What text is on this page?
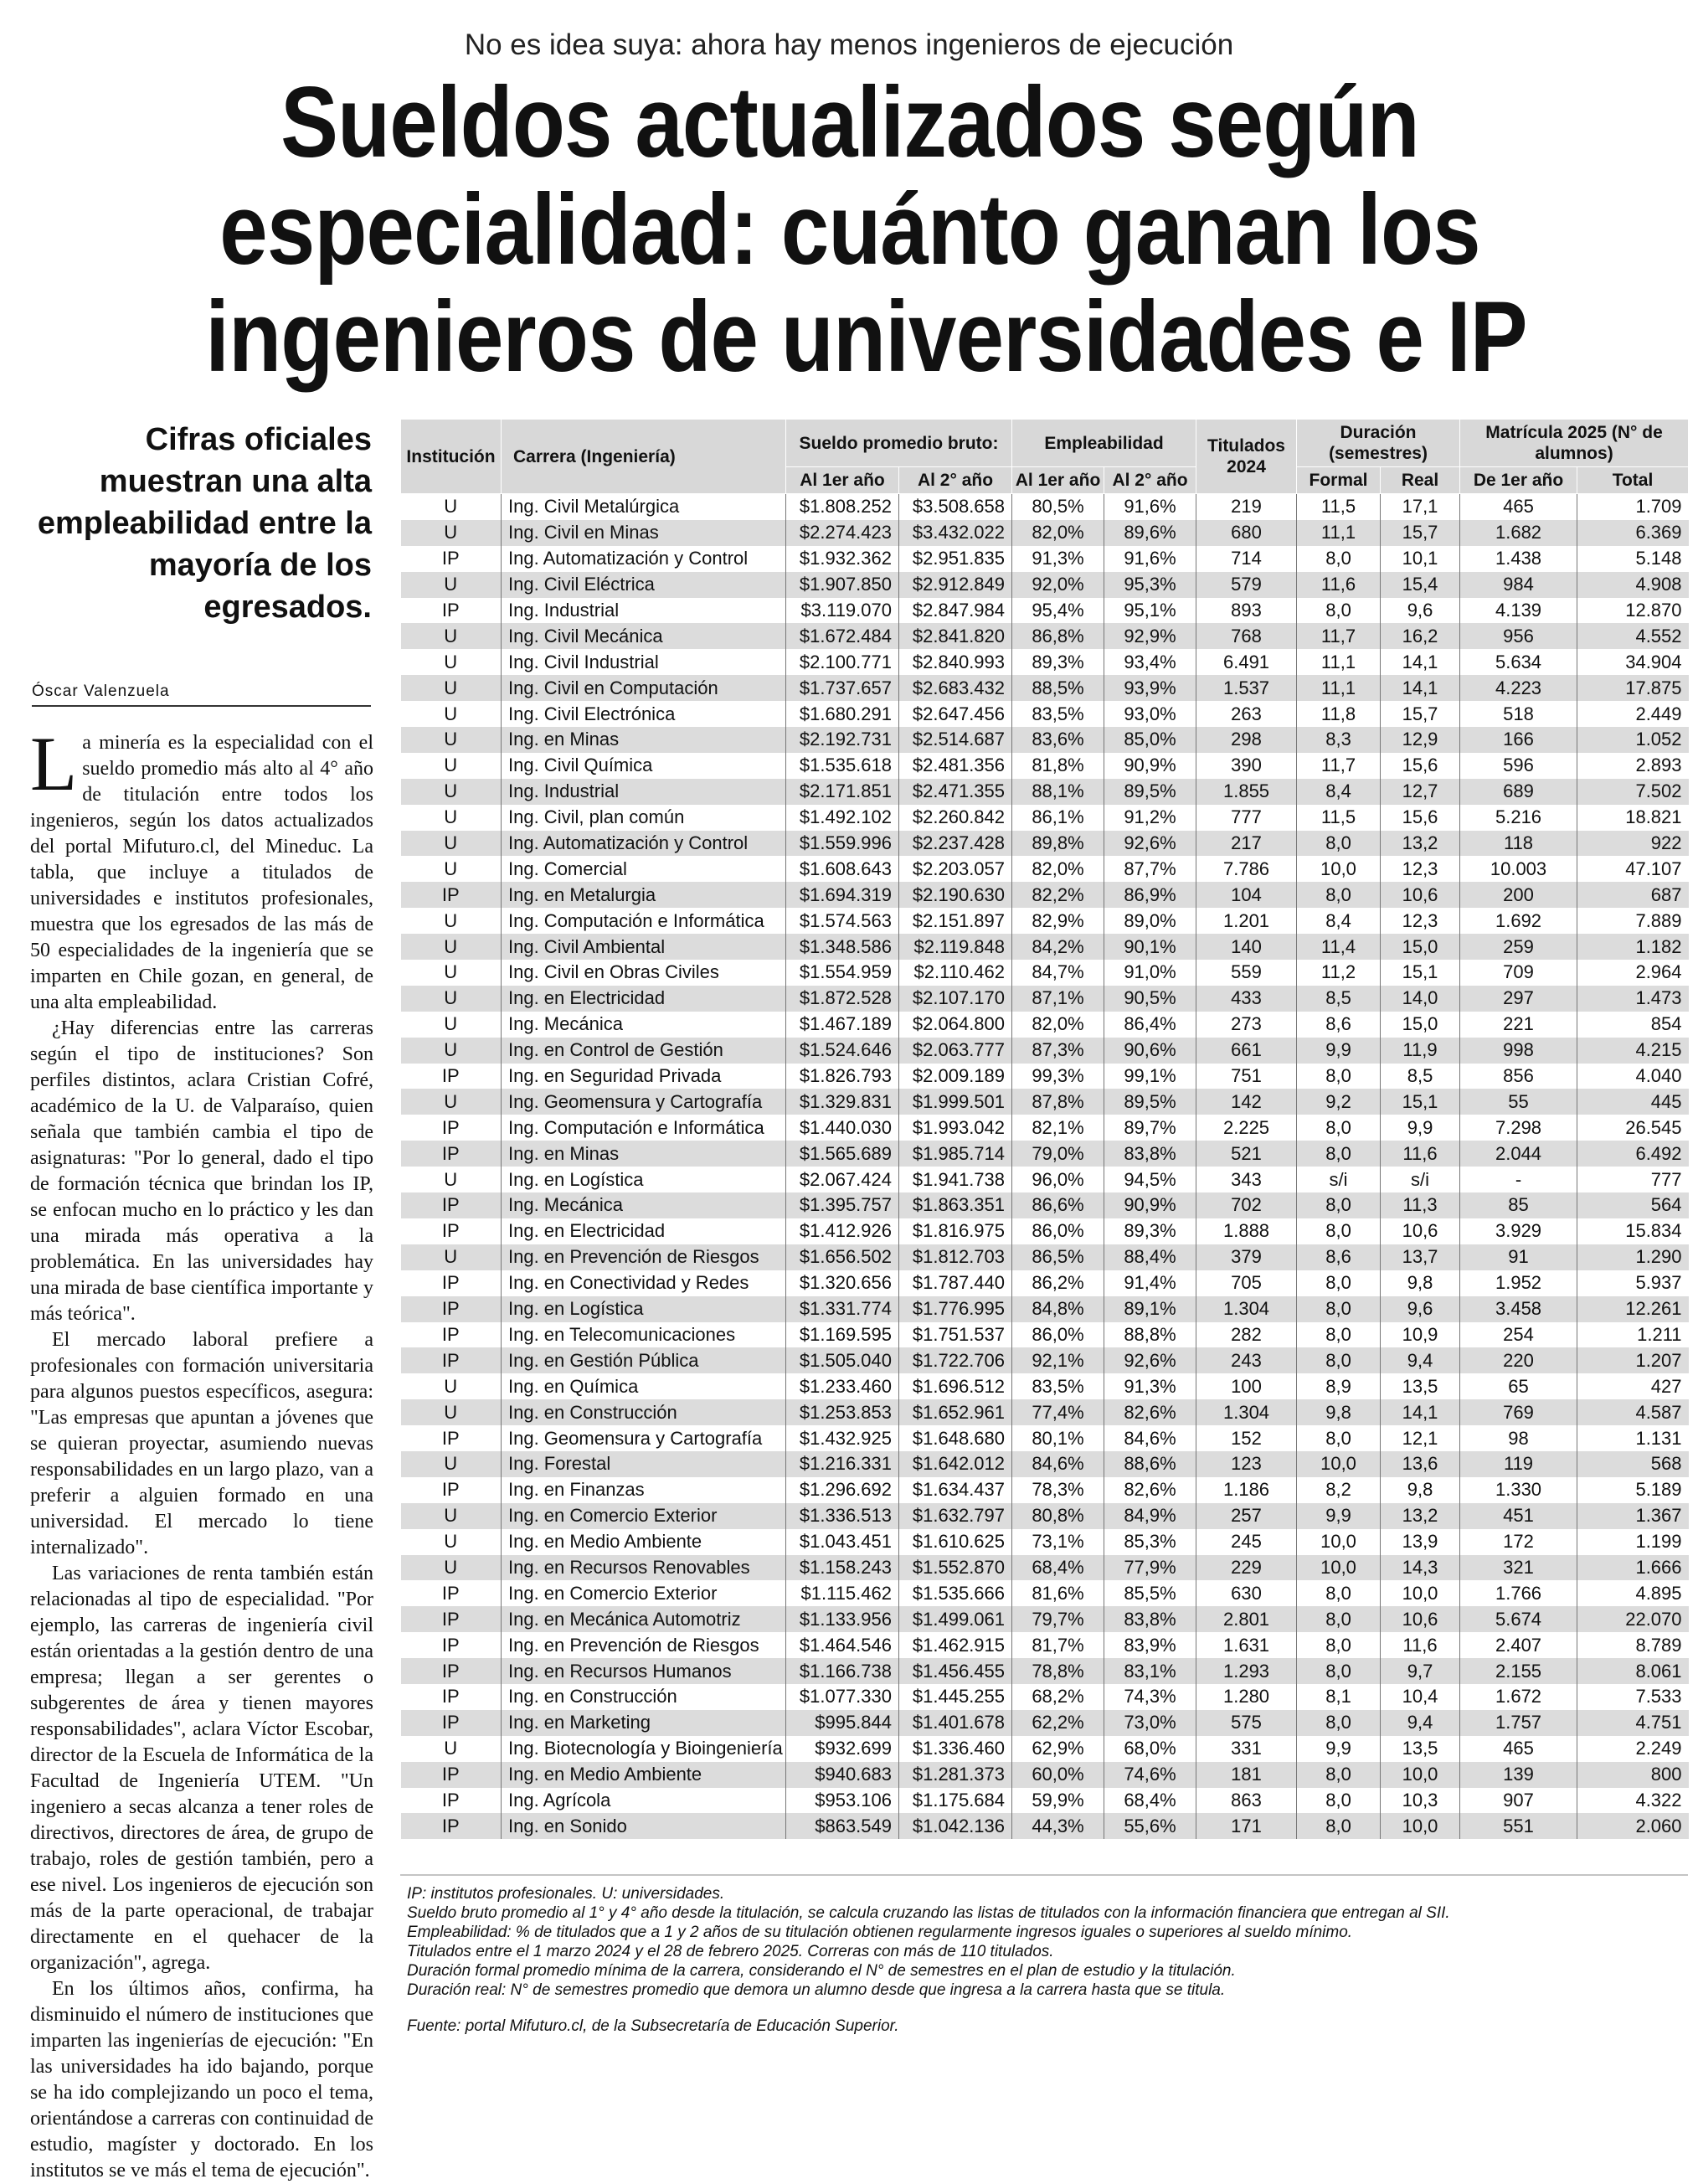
No es idea suya: ahora hay menos ingenieros de ejecución
Sueldos actualizados según
especialidad: cuánto ganan los
ingenieros de universidades e IP
Cifras oficiales muestran una alta empleabilidad entre la mayoría de los egresados.
Óscar Valenzuela

La minería es la especialidad con el sueldo promedio más alto al 4° año de titulación entre todos los ingenieros, según los datos actualizados del portal Mifuturo.cl, del Mineduc. La tabla, que incluye a titulados de universidades e institutos profesionales, muestra que los egresados de las más de 50 especialidades de la ingeniería que se imparten en Chile gozan, en general, de una alta empleabilidad.

¿Hay diferencias entre las carreras según el tipo de instituciones? Son perfiles distintos, aclara Cristian Cofré, académico de la U. de Valparaíso, quien señala que también cambia el tipo de asignaturas: "Por lo general, dado el tipo de formación técnica que brindan los IP, se enfocan mucho en lo práctico y les dan una mirada más operativa a la problemática. En las universidades hay una mirada de base científica importante y más teórica".

El mercado laboral prefiere a profesionales con formación universitaria para algunos puestos específicos, asegura: "Las empresas que apuntan a jóvenes que se quieran proyectar, asumiendo nuevas responsabilidades en un largo plazo, van a preferir a alguien formado en una universidad. El mercado lo tiene internalizado".

Las variaciones de renta también están relacionadas al tipo de especialidad. "Por ejemplo, las carreras de ingeniería civil están orientadas a la gestión dentro de una empresa; llegan a ser gerentes o subgerentes de área y tienen mayores responsabilidades", aclara Víctor Escobar, director de la Escuela de Informática de la Facultad de Ingeniería UTEM. "Un ingeniero a secas alcanza a tener roles de directivos, directores de área, de grupo de trabajo, roles de gestión también, pero a ese nivel. Los ingenieros de ejecución son más de la parte operacional, de trabajar directamente en el quehacer de la organización", agrega.

En los últimos años, confirma, ha disminuido el número de instituciones que imparten las ingenierías de ejecución: "En las universidades ha ido bajando, porque se ha ido complejizando un poco el tema, orientándose a carreras con continuidad de estudio, magíster y doctorado. En los institutos se ve más el tema de ejecución".

Institución	Carrera (Ingeniería)	Sueldo promedio bruto:		Empleabilidad		Titulados 2024	Duración (semestres)		Matrícula 2025 (N° de alumnos)	
		Al 1er año	Al 2° año	Al 1er año	Al 2° año		Formal	Real	De 1er año	Total
U	Ing. Civil Metalúrgica	$1.808.252	$3.508.658	80,5%	91,6%	219	11,5	17,1	465	1.709
U	Ing. Civil en Minas	$2.274.423	$3.432.022	82,0%	89,6%	680	11,1	15,7	1.682	6.369
IP	Ing. Automatización y Control	$1.932.362	$2.951.835	91,3%	91,6%	714	8,0	10,1	1.438	5.148
U	Ing. Civil Eléctrica	$1.907.850	$2.912.849	92,0%	95,3%	579	11,6	15,4	984	4.908
IP	Ing. Industrial	$3.119.070	$2.847.984	95,4%	95,1%	893	8,0	9,6	4.139	12.870
U	Ing. Civil Mecánica	$1.672.484	$2.841.820	86,8%	92,9%	768	11,7	16,2	956	4.552
U	Ing. Civil Industrial	$2.100.771	$2.840.993	89,3%	93,4%	6.491	11,1	14,1	5.634	34.904
U	Ing. Civil en Computación	$1.737.657	$2.683.432	88,5%	93,9%	1.537	11,1	14,1	4.223	17.875
U	Ing. Civil Electrónica	$1.680.291	$2.647.456	83,5%	93,0%	263	11,8	15,7	518	2.449
U	Ing. en Minas	$2.192.731	$2.514.687	83,6%	85,0%	298	8,3	12,9	166	1.052
U	Ing. Civil Química	$1.535.618	$2.481.356	81,8%	90,9%	390	11,7	15,6	596	2.893
U	Ing. Industrial	$2.171.851	$2.471.355	88,1%	89,5%	1.855	8,4	12,7	689	7.502
U	Ing. Civil, plan común	$1.492.102	$2.260.842	86,1%	91,2%	777	11,5	15,6	5.216	18.821
U	Ing. Automatización y Control	$1.559.996	$2.237.428	89,8%	92,6%	217	8,0	13,2	118	922
U	Ing. Comercial	$1.608.643	$2.203.057	82,0%	87,7%	7.786	10,0	12,3	10.003	47.107
IP	Ing. en Metalurgia	$1.694.319	$2.190.630	82,2%	86,9%	104	8,0	10,6	200	687
U	Ing. Computación e Informática	$1.574.563	$2.151.897	82,9%	89,0%	1.201	8,4	12,3	1.692	7.889
U	Ing. Civil Ambiental	$1.348.586	$2.119.848	84,2%	90,1%	140	11,4	15,0	259	1.182
U	Ing. Civil en Obras Civiles	$1.554.959	$2.110.462	84,7%	91,0%	559	11,2	15,1	709	2.964
U	Ing. en Electricidad	$1.872.528	$2.107.170	87,1%	90,5%	433	8,5	14,0	297	1.473
U	Ing. Mecánica	$1.467.189	$2.064.800	82,0%	86,4%	273	8,6	15,0	221	854
U	Ing. en Control de Gestión	$1.524.646	$2.063.777	87,3%	90,6%	661	9,9	11,9	998	4.215
IP	Ing. en Seguridad Privada	$1.826.793	$2.009.189	99,3%	99,1%	751	8,0	8,5	856	4.040
U	Ing. Geomensura y Cartografía	$1.329.831	$1.999.501	87,8%	89,5%	142	9,2	15,1	55	445
IP	Ing. Computación e Informática	$1.440.030	$1.993.042	82,1%	89,7%	2.225	8,0	9,9	7.298	26.545
IP	Ing. en Minas	$1.565.689	$1.985.714	79,0%	83,8%	521	8,0	11,6	2.044	6.492
U	Ing. en Logística	$2.067.424	$1.941.738	96,0%	94,5%	343	s/i	s/i	-	777
IP	Ing. Mecánica	$1.395.757	$1.863.351	86,6%	90,9%	702	8,0	11,3	85	564
IP	Ing. en Electricidad	$1.412.926	$1.816.975	86,0%	89,3%	1.888	8,0	10,6	3.929	15.834
U	Ing. en Prevención de Riesgos	$1.656.502	$1.812.703	86,5%	88,4%	379	8,6	13,7	91	1.290
IP	Ing. en Conectividad y Redes	$1.320.656	$1.787.440	86,2%	91,4%	705	8,0	9,8	1.952	5.937
IP	Ing. en Logística	$1.331.774	$1.776.995	84,8%	89,1%	1.304	8,0	9,6	3.458	12.261
IP	Ing. en Telecomunicaciones	$1.169.595	$1.751.537	86,0%	88,8%	282	8,0	10,9	254	1.211
IP	Ing. en Gestión Pública	$1.505.040	$1.722.706	92,1%	92,6%	243	8,0	9,4	220	1.207
U	Ing. en Química	$1.233.460	$1.696.512	83,5%	91,3%	100	8,9	13,5	65	427
U	Ing. en Construcción	$1.253.853	$1.652.961	77,4%	82,6%	1.304	9,8	14,1	769	4.587
IP	Ing. Geomensura y Cartografía	$1.432.925	$1.648.680	80,1%	84,6%	152	8,0	12,1	98	1.131
U	Ing. Forestal	$1.216.331	$1.642.012	84,6%	88,6%	123	10,0	13,6	119	568
IP	Ing. en Finanzas	$1.296.692	$1.634.437	78,3%	82,6%	1.186	8,2	9,8	1.330	5.189
U	Ing. en Comercio Exterior	$1.336.513	$1.632.797	80,8%	84,9%	257	9,9	13,2	451	1.367
U	Ing. en Medio Ambiente	$1.043.451	$1.610.625	73,1%	85,3%	245	10,0	13,9	172	1.199
U	Ing. en Recursos Renovables	$1.158.243	$1.552.870	68,4%	77,9%	229	10,0	14,3	321	1.666
IP	Ing. en Comercio Exterior	$1.115.462	$1.535.666	81,6%	85,5%	630	8,0	10,0	1.766	4.895
IP	Ing. en Mecánica Automotriz	$1.133.956	$1.499.061	79,7%	83,8%	2.801	8,0	10,6	5.674	22.070
IP	Ing. en Prevención de Riesgos	$1.464.546	$1.462.915	81,7%	83,9%	1.631	8,0	11,6	2.407	8.789
IP	Ing. en Recursos Humanos	$1.166.738	$1.456.455	78,8%	83,1%	1.293	8,0	9,7	2.155	8.061
IP	Ing. en Construcción	$1.077.330	$1.445.255	68,2%	74,3%	1.280	8,1	10,4	1.672	7.533
IP	Ing. en Marketing	$995.844	$1.401.678	62,2%	73,0%	575	8,0	9,4	1.757	4.751
U	Ing. Biotecnología y Bioingeniería	$932.699	$1.336.460	62,9%	68,0%	331	9,9	13,5	465	2.249
IP	Ing. en Medio Ambiente	$940.683	$1.281.373	60,0%	74,6%	181	8,0	10,0	139	800
IP	Ing. Agrícola	$953.106	$1.175.684	59,9%	68,4%	863	8,0	10,3	907	4.322
IP	Ing. en Sonido	$863.549	$1.042.136	44,3%	55,6%	171	8,0	10,0	551	2.060

IP: institutos profesionales. U: universidades.

Sueldo bruto promedio al 1° y 4° año desde la titulación, se calcula cruzando las listas de titulados con la información financiera que entregan al SII.

Empleabilidad: % de titulados que a 1 y 2 años de su titulación obtienen regularmente ingresos iguales o superiores al sueldo mínimo.

Titulados entre el 1 marzo 2024 y el 28 de febrero 2025. Correras con más de 110 titulados.

Duración formal promedio mínima de la carrera, considerando el N° de semestres en el plan de estudio y la titulación.

Duración real: N° de semestres promedio que demora un alumno desde que ingresa a la carrera hasta que se titula.

Fuente: portal Mifuturo.cl, de la Subsecretaría de Educación Superior.
